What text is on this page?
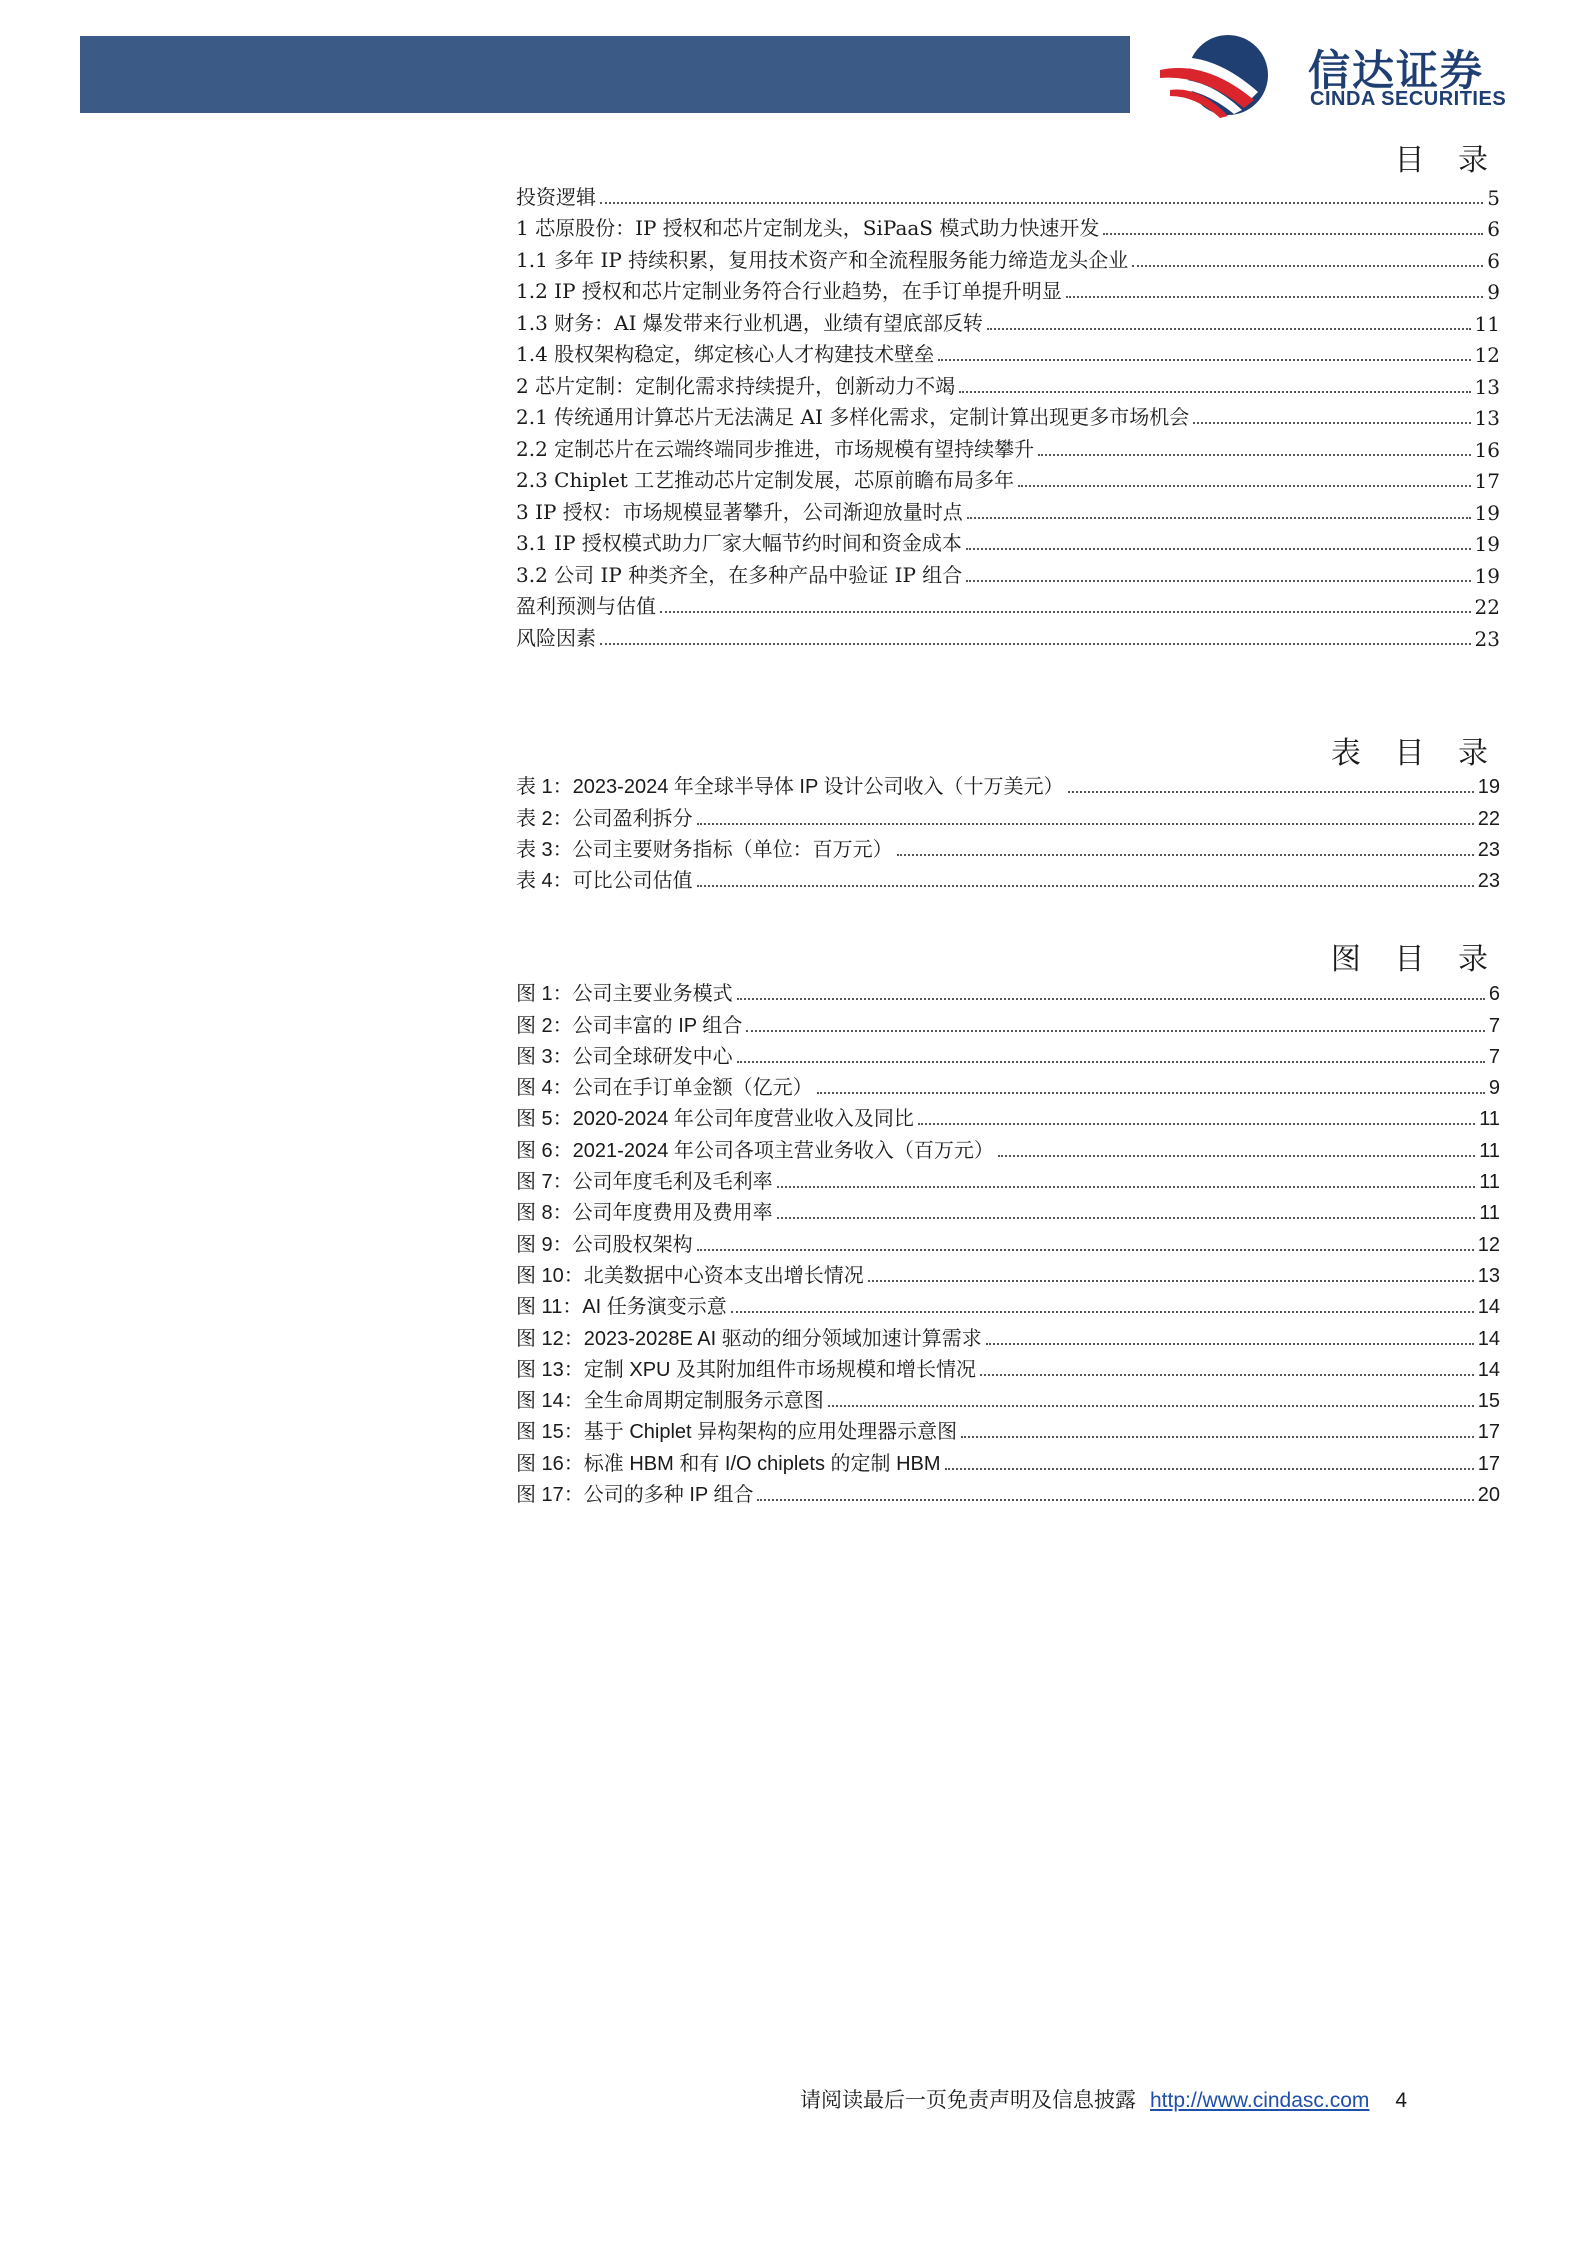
信达证券
CINDA SECURITIES
目 录
投资逻辑	5
1 芯原股份：IP 授权和芯片定制龙头，SiPaaS 模式助力快速开发	6
1.1 多年 IP 持续积累，复用技术资产和全流程服务能力缔造龙头企业	6
1.2 IP 授权和芯片定制业务符合行业趋势，在手订单提升明显	9
1.3 财务：AI 爆发带来行业机遇，业绩有望底部反转	11
1.4 股权架构稳定，绑定核心人才构建技术壁垒	12
2 芯片定制：定制化需求持续提升，创新动力不竭	13
2.1 传统通用计算芯片无法满足 AI 多样化需求，定制计算出现更多市场机会	13
2.2 定制芯片在云端终端同步推进，市场规模有望持续攀升	16
2.3 Chiplet 工艺推动芯片定制发展，芯原前瞻布局多年	17
3 IP 授权：市场规模显著攀升，公司渐迎放量时点	19
3.1 IP 授权模式助力厂家大幅节约时间和资金成本	19
3.2 公司 IP 种类齐全，在多种产品中验证 IP 组合	19
盈利预测与估值	22
风险因素	23
表 目 录
表 1：2023-2024 年全球半导体 IP 设计公司收入（十万美元）	19
表 2：公司盈利拆分	22
表 3：公司主要财务指标（单位：百万元）	23
表 4：可比公司估值	23
图 目 录
图 1：公司主要业务模式	6
图 2：公司丰富的 IP 组合	7
图 3：公司全球研发中心	7
图 4：公司在手订单金额（亿元）	9
图 5：2020-2024 年公司年度营业收入及同比	11
图 6：2021-2024 年公司各项主营业务收入（百万元）	11
图 7：公司年度毛利及毛利率	11
图 8：公司年度费用及费用率	11
图 9：公司股权架构	12
图 10：北美数据中心资本支出增长情况	13
图 11：AI 任务演变示意	14
图 12：2023-2028E AI 驱动的细分领域加速计算需求	14
图 13：定制 XPU 及其附加组件市场规模和增长情况	14
图 14：全生命周期定制服务示意图	15
图 15：基于 Chiplet 异构架构的应用处理器示意图	17
图 16：标准 HBM 和有 I/O chiplets 的定制 HBM	17
图 17：公司的多种 IP 组合	20
请阅读最后一页免责声明及信息披露 http://www.cindasc.com 4
